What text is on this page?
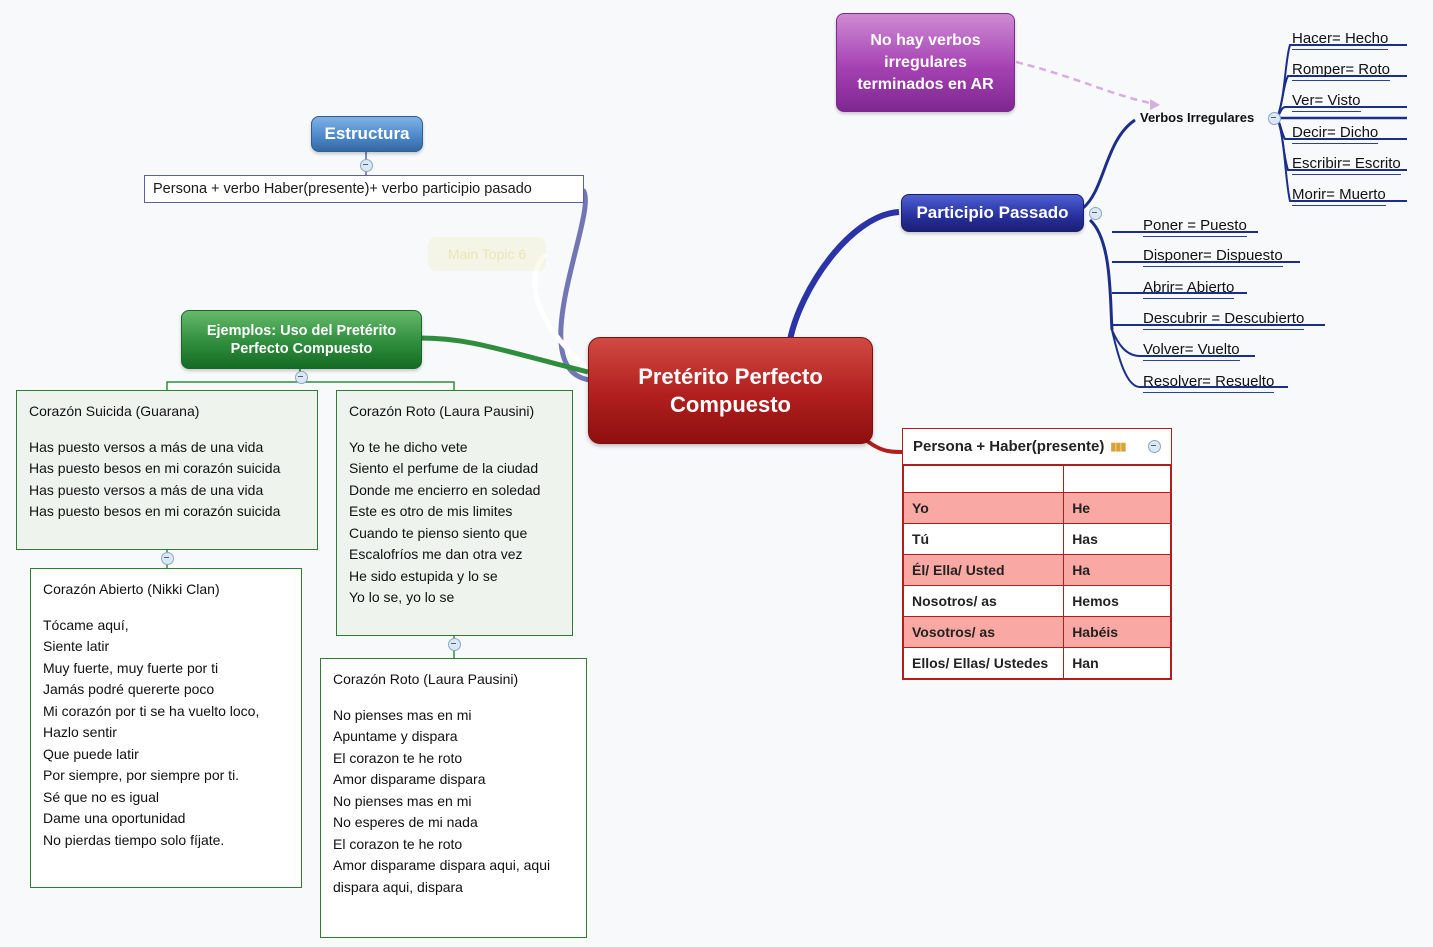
Pretérito Perfecto Compuesto
Estructura
Persona + verbo Haber(presente)+ verbo participio pasado
Main Topic 6
No hay verbos
irregulares
terminados en AR
Participio Passado
Verbos Irregulares
Hacer= Hecho
Romper= Roto
Ver= Visto
Decir= Dicho
Escribir= Escrito
Morir= Muerto
Poner = Puesto
Disponer= Dispuesto
Abrir= Abierto
Descubrir = Descubierto
Volver= Vuelto
Resolver= Resuelto
Persona + Haber(presente) ▮▮▮

Yo	He
Tú	Has
Él/ Ella/ Usted	Ha
Nosotros/ as	Hemos
Vosotros/ as	Habéis
Ellos/ Ellas/ Ustedes	Han
Ejemplos: Uso del Pretérito
Perfecto Compuesto
Corazón Suicida (Guarana)
Has puesto versos a más de una vida
Has puesto besos en mi corazón suicida
Has puesto versos a más de una vida
Has puesto besos en mi corazón suicida
Corazón Roto (Laura Pausini)
Yo te he dicho vete
Siento el perfume de la ciudad
Donde me encierro en soledad
Este es otro de mis limites
Cuando te pienso siento que
Escalofríos me dan otra vez
He sido estupida y lo se
Yo lo se, yo lo se
Corazón Abierto (Nikki Clan)
Tócame aquí,
Siente latir
Muy fuerte, muy fuerte por ti
Jamás podré quererte poco
Mi corazón por ti se ha vuelto loco,
Hazlo sentir
Que puede latir
Por siempre, por siempre por ti.
Sé que no es igual
Dame una oportunidad
No pierdas tiempo solo fíjate.
Corazón Roto (Laura Pausini)
No pienses mas en mi
Apuntame y dispara
El corazon te he roto
Amor disparame dispara
No pienses mas en mi
No esperes de mi nada
El corazon te he roto
Amor disparame dispara aqui, aqui
dispara aqui, dispara
